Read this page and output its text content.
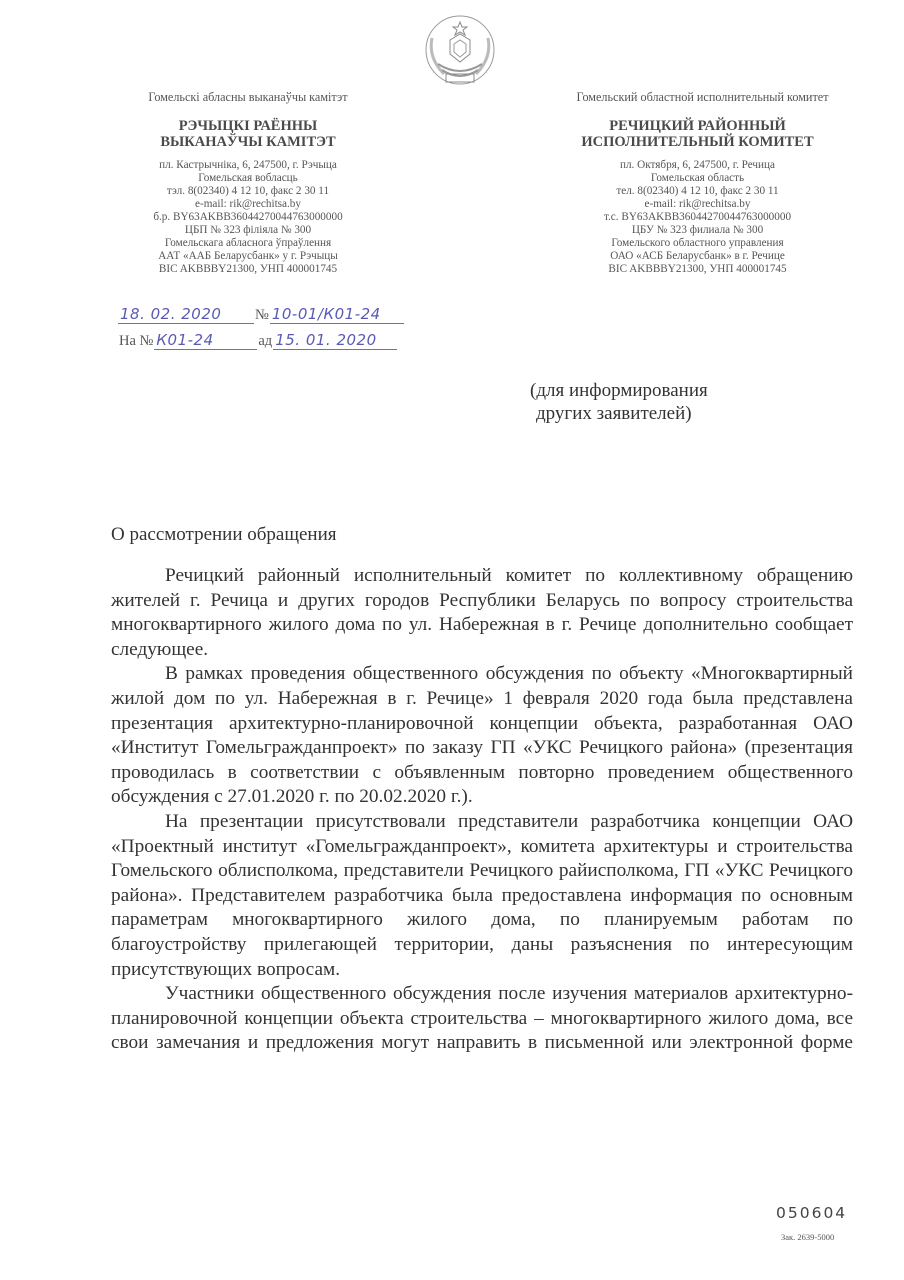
Гомельскі абласны выканаўчы камітэт
РЭЧЫЦКІ РАЁННЫ
ВЫКАНАЎЧЫ КАМІТЭТ
пл. Кастрычніка, 6, 247500, г. Рэчыца
Гомельская вобласць
тэл. 8(02340) 4 12 10, факс 2 30 11
e-mail: rik@rechitsa.by
б.р. BY63AKBB36044270044763000000
ЦБП № 323 філіяла № 300
Гомельскага абласнога ўпраўлення
ААТ «ААБ Беларусбанк» у г. Рэчыцы
BIC AKBBBY21300, УНП 400001745
Гомельский областной исполнительный комитет
РЕЧИЦКИЙ РАЙОННЫЙ
ИСПОЛНИТЕЛЬНЫЙ КОМИТЕТ
пл. Октября, 6, 247500, г. Речица
Гомельская область
тел. 8(02340) 4 12 10, факс 2 30 11
e-mail: rik@rechitsa.by
т.с. BY63AKBB36044270044763000000
ЦБУ № 323 филиала № 300
Гомельского областного управления
ОАО «АСБ Беларусбанк» в г. Речице
BIC AKBBBY21300, УНП 400001745
18. 02. 2020	№ 10-01/К01-24
На № К01-24	ад 15. 01. 2020
(для информирования
других заявителей)
О рассмотрении обращения

Речицкий районный исполнительный комитет по коллективному обращению жителей г. Речица и других городов Республики Беларусь по вопросу строительства многоквартирного жилого дома по ул. Набережная в г. Речице дополнительно сообщает следующее.

В рамках проведения общественного обсуждения по объекту «Многоквартирный жилой дом по ул. Набережная в г. Речице» 1 февраля 2020 года была представлена презентация архитектурно-планировочной концепции объекта, разработанная ОАО «Институт Гомельгражданпроект» по заказу ГП «УКС Речицкого района» (презентация проводилась в соответствии с объявленным повторно проведением общественного обсуждения с 27.01.2020 г. по 20.02.2020 г.).

На презентации присутствовали представители разработчика концепции ОАО «Проектный институт «Гомельгражданпроект», комитета архитектуры и строительства Гомельского облисполкома, представители Речицкого райисполкома, ГП «УКС Речицкого района». Представителем разработчика была предоставлена информация по основным параметрам многоквартирного жилого дома, по планируемым работам по благоустройству прилегающей территории, даны разъяснения по интересующим присутствующих вопросам.

Участники общественного обсуждения после изучения материалов архитектурно-планировочной концепции объекта строительства – многоквартирного жилого дома, все свои замечания и предложения могут направить в письменной или электронной форме

050604
Зак. 2639-5000
